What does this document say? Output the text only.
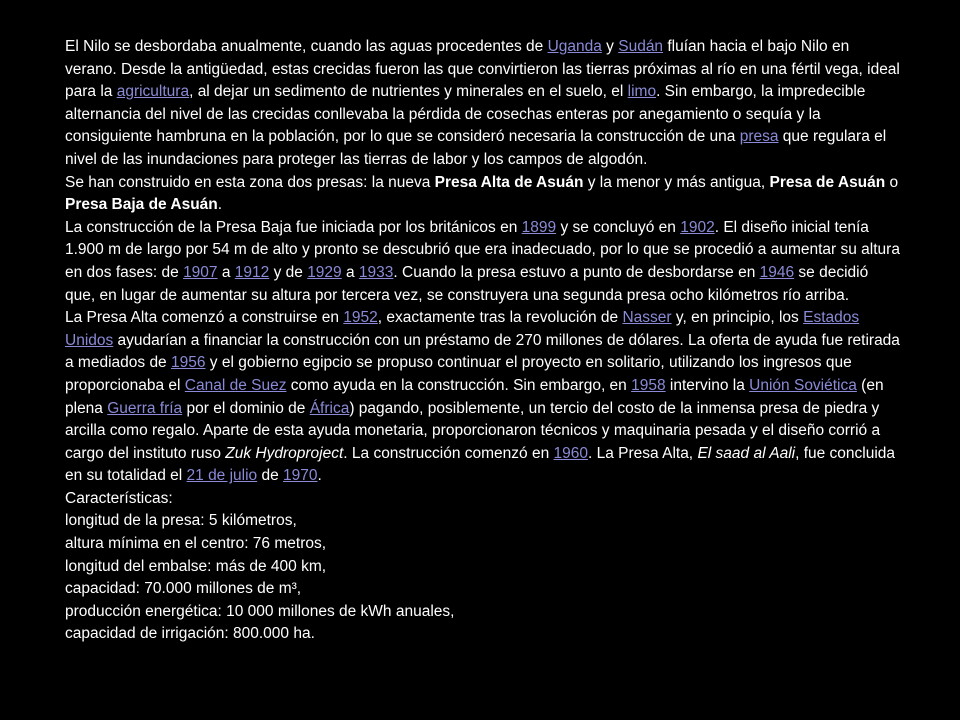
El Nilo se desbordaba anualmente, cuando las aguas procedentes de Uganda y Sudán fluían hacia el bajo Nilo en verano. Desde la antigüedad, estas crecidas fueron las que convirtieron las tierras próximas al río en una fértil vega, ideal para la agricultura, al dejar un sedimento de nutrientes y minerales en el suelo, el limo. Sin embargo, la impredecible alternancia del nivel de las crecidas conllevaba la pérdida de cosechas enteras por anegamiento o sequía y la consiguiente hambruna en la población, por lo que se consideró necesaria la construcción de una presa que regulara el nivel de las inundaciones para proteger las tierras de labor y los campos de algodón.

Se han construido en esta zona dos presas: la nueva Presa Alta de Asuán y la menor y más antigua, Presa de Asuán o Presa Baja de Asuán.

La construcción de la Presa Baja fue iniciada por los británicos en 1899 y se concluyó en 1902. El diseño inicial tenía 1.900 m de largo por 54 m de alto y pronto se descubrió que era inadecuado, por lo que se procedió a aumentar su altura en dos fases: de 1907 a 1912 y de 1929 a 1933. Cuando la presa estuvo a punto de desbordarse en 1946 se decidió que, en lugar de aumentar su altura por tercera vez, se construyera una segunda presa ocho kilómetros río arriba.

La Presa Alta comenzó a construirse en 1952, exactamente tras la revolución de Nasser y, en principio, los Estados Unidos ayudarían a financiar la construcción con un préstamo de 270 millones de dólares. La oferta de ayuda fue retirada a mediados de 1956 y el gobierno egipcio se propuso continuar el proyecto en solitario, utilizando los ingresos que proporcionaba el Canal de Suez como ayuda en la construcción. Sin embargo, en 1958 intervino la Unión Soviética (en plena Guerra fría por el dominio de África) pagando, posiblemente, un tercio del costo de la inmensa presa de piedra y arcilla como regalo. Aparte de esta ayuda monetaria, proporcionaron técnicos y maquinaria pesada y el diseño corrió a cargo del instituto ruso Zuk Hydroproject. La construcción comenzó en 1960. La Presa Alta, El saad al Aali, fue concluida en su totalidad el 21 de julio de 1970.

Características:

longitud de la presa: 5 kilómetros,

altura mínima en el centro: 76 metros,

longitud del embalse: más de 400 km,

capacidad: 70.000 millones de m³,

producción energética: 10 000 millones de kWh anuales,

capacidad de irrigación: 800.000 ha.
